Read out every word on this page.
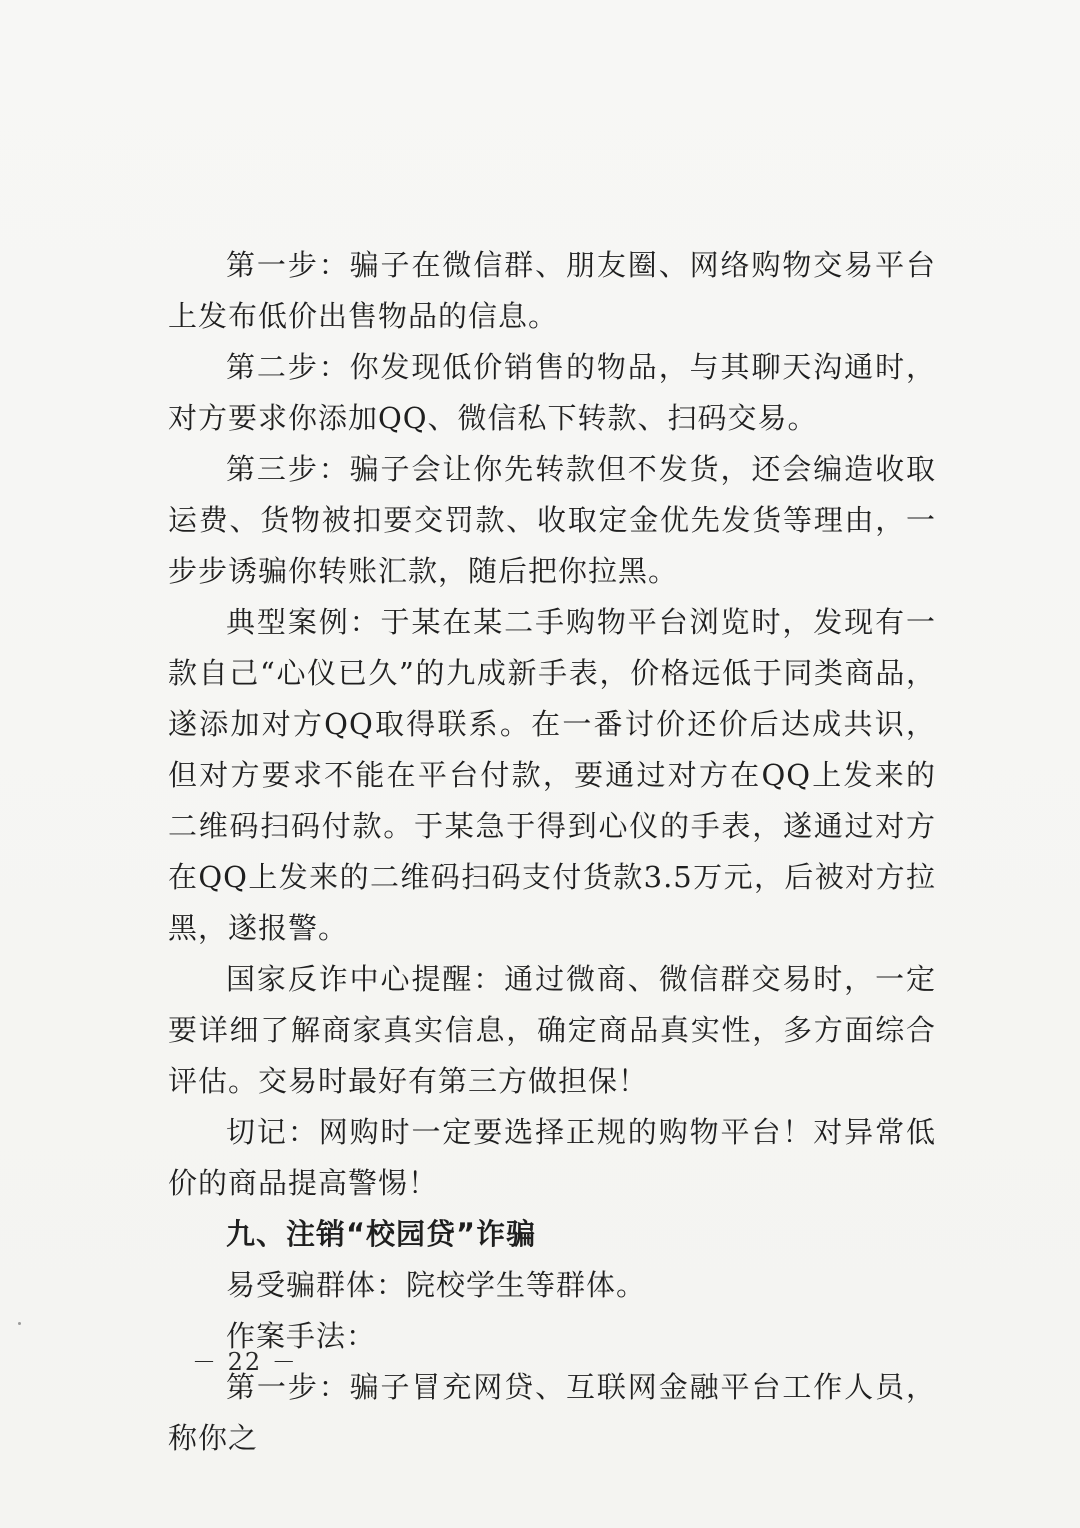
第一步：骗子在微信群、朋友圈、网络购物交易平台上发布低价出售物品的信息。

第二步：你发现低价销售的物品，与其聊天沟通时，对方要求你添加QQ、微信私下转款、扫码交易。

第三步：骗子会让你先转款但不发货，还会编造收取运费、货物被扣要交罚款、收取定金优先发货等理由，一步步诱骗你转账汇款，随后把你拉黑。

典型案例：于某在某二手购物平台浏览时，发现有一款自己“心仪已久”的九成新手表，价格远低于同类商品，遂添加对方QQ取得联系。在一番讨价还价后达成共识，但对方要求不能在平台付款，要通过对方在QQ上发来的二维码扫码付款。于某急于得到心仪的手表，遂通过对方在QQ上发来的二维码扫码支付货款3.5万元，后被对方拉黑，遂报警。

国家反诈中心提醒：通过微商、微信群交易时，一定要详细了解商家真实信息，确定商品真实性，多方面综合评估。交易时最好有第三方做担保！

切记：网购时一定要选择正规的购物平台！对异常低价的商品提高警惕！

九、注销“校园贷”诈骗

易受骗群体：院校学生等群体。

作案手法：

第一步：骗子冒充网贷、互联网金融平台工作人员，称你之

－ 22 －
